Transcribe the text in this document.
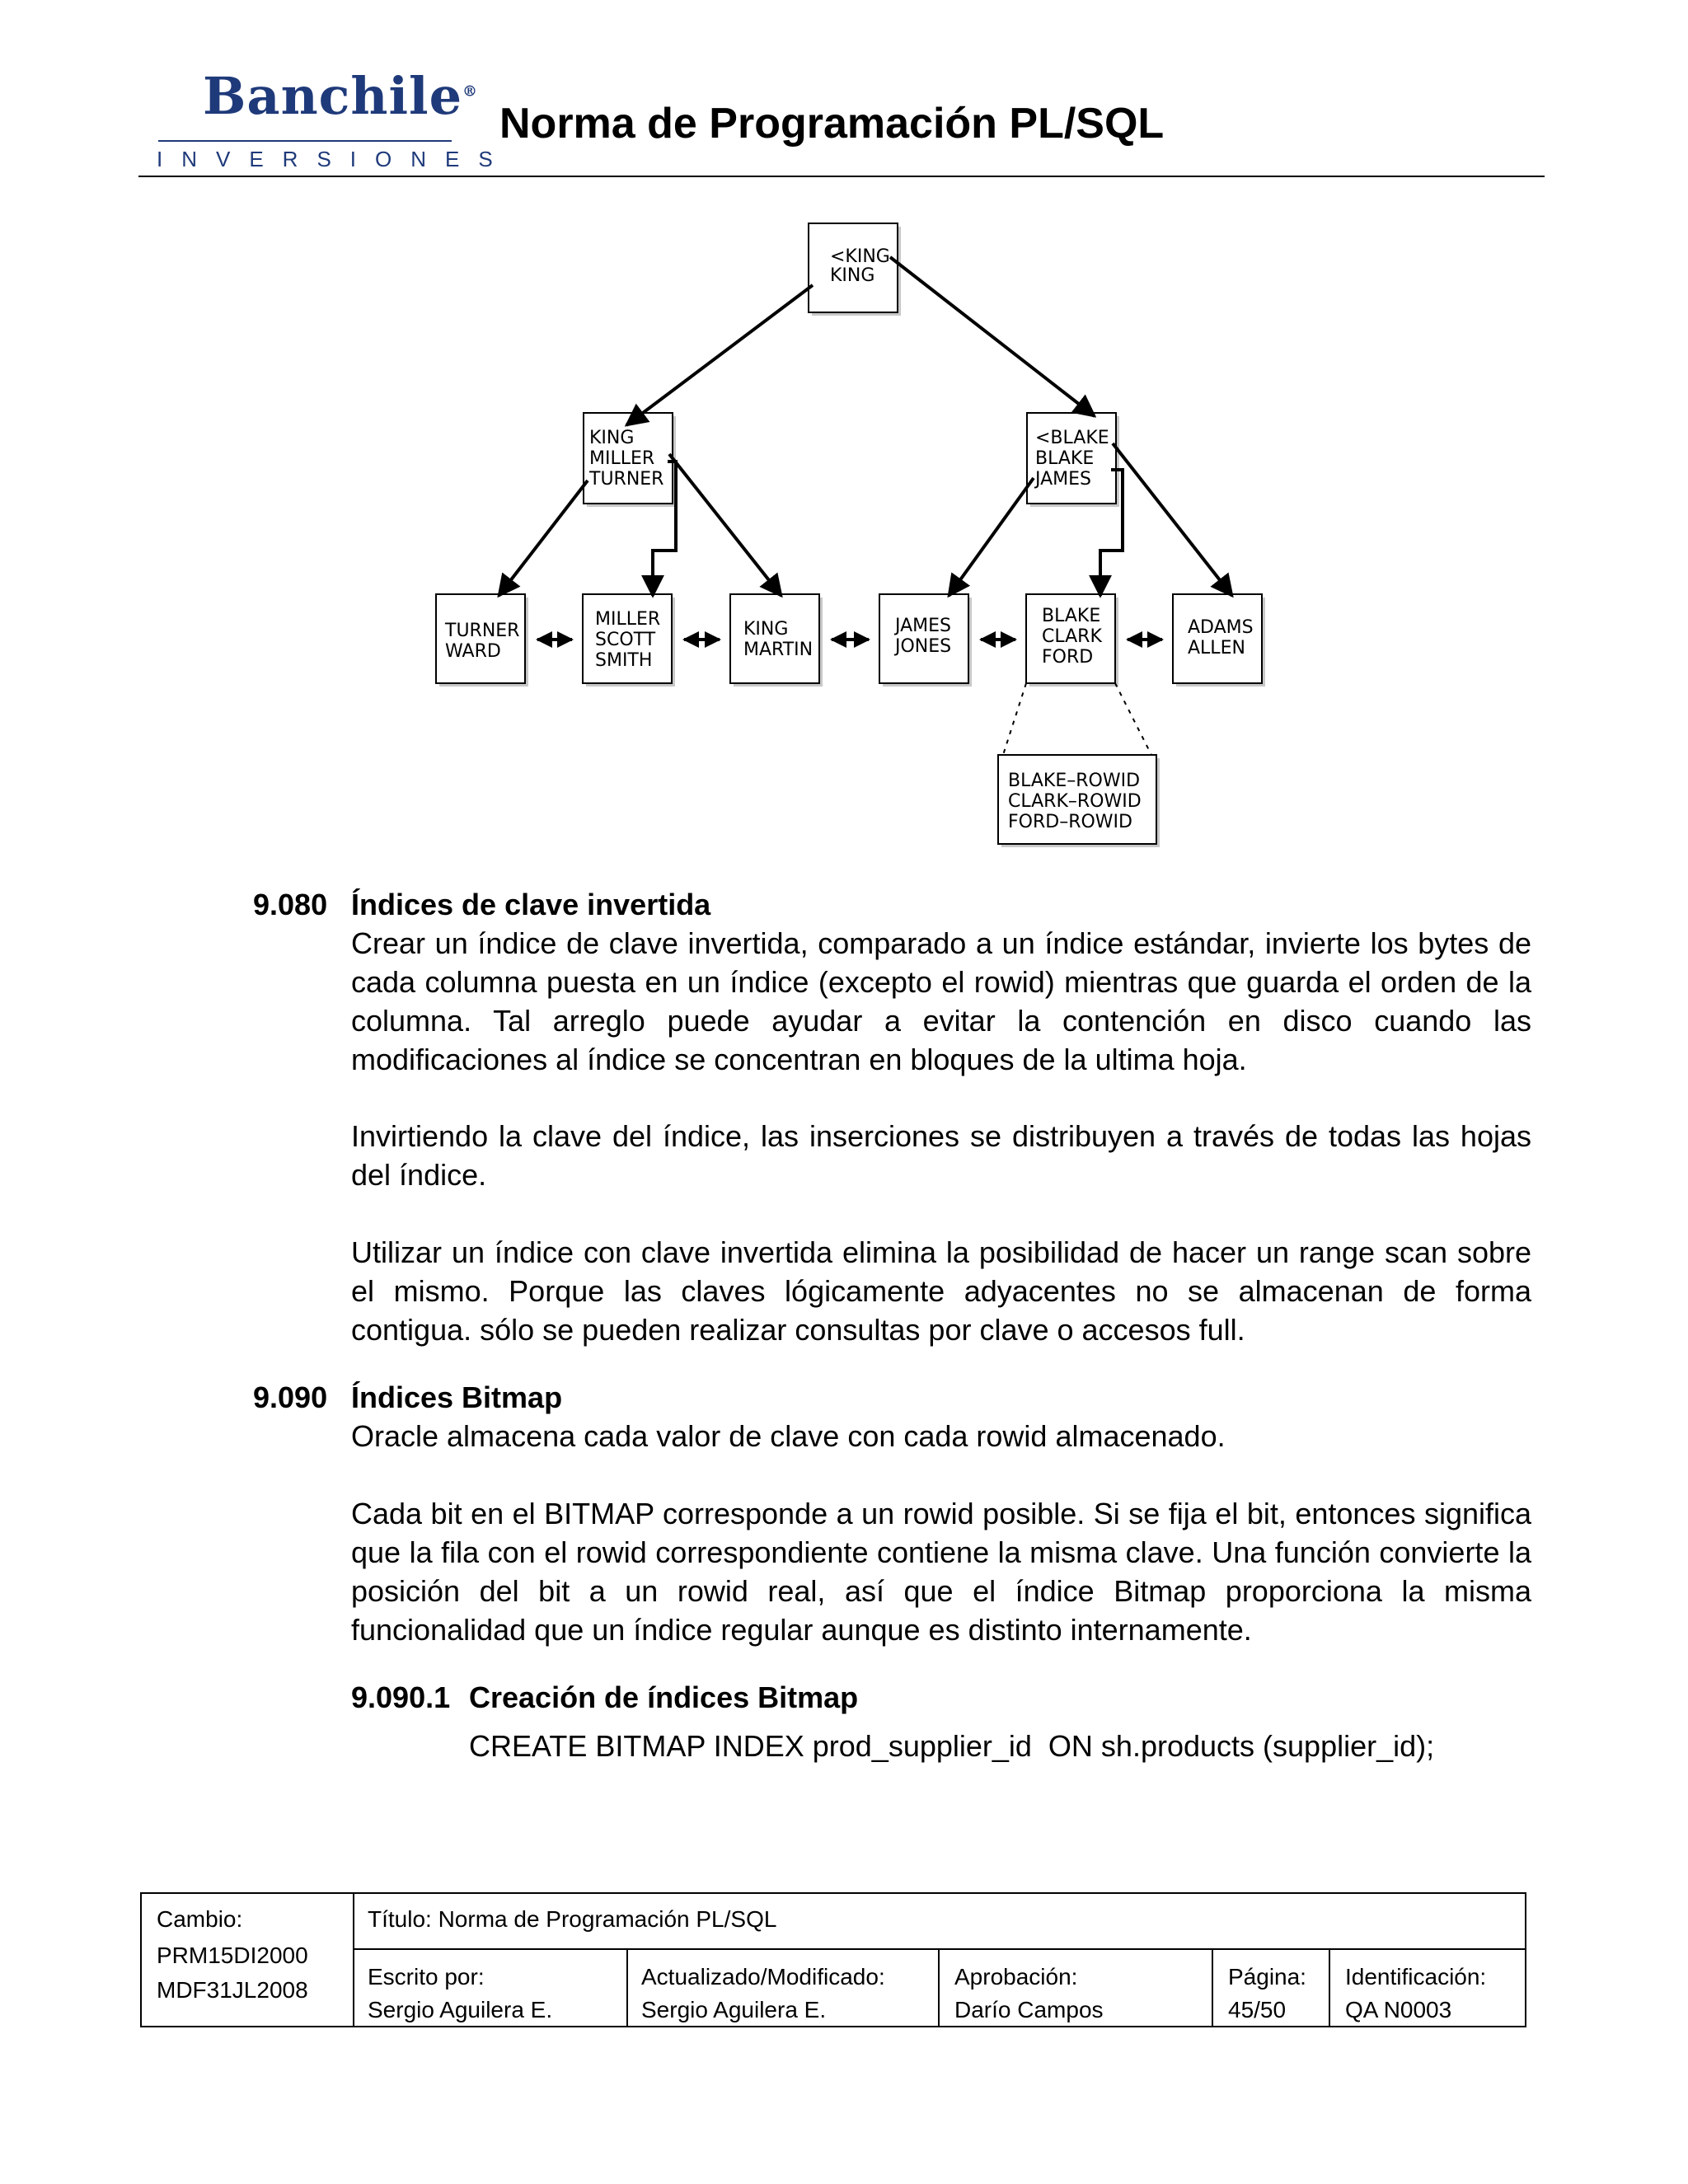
Banchile®
INVERSIONES
Norma de Programación PL/SQL
<KING
KING
KING
MILLER
TURNER
<BLAKE
BLAKE
JAMES
TURNER
WARD
MILLER
SCOTT
SMITH
KING
MARTIN
JAMES
JONES
BLAKE
CLARK
FORD
ADAMS
ALLEN
BLAKE–ROWID
CLARK–ROWID
FORD–ROWID
9.080 Índices de clave invertida
Crear un índice de clave invertida, comparado a un índice estándar, invierte los bytes de cada columna puesta en un índice (excepto el rowid) mientras que guarda el orden de la columna. Tal arreglo puede ayudar a evitar la contención en disco cuando las modificaciones al índice se concentran en bloques de la ultima hoja.
Invirtiendo la clave del índice, las inserciones se distribuyen a través de todas las hojas del índice.
Utilizar un índice con clave invertida elimina la posibilidad de hacer un range scan sobre el mismo. Porque las claves lógicamente adyacentes no se almacenan de forma contigua. sólo se pueden realizar consultas por clave o accesos full.
9.090 Índices Bitmap
Oracle almacena cada valor de clave con cada rowid almacenado.
Cada bit en el BITMAP corresponde a un rowid posible. Si se fija el bit, entonces significa que la fila con el rowid correspondiente contiene la misma clave. Una función convierte la posición del bit a un rowid real, así que el índice Bitmap proporciona la misma funcionalidad que un índice regular aunque es distinto internamente.
9.090.1 Creación de índices Bitmap
CREATE BITMAP INDEX prod_supplier_id  ON sh.products (supplier_id);
Cambio:
PRM15DI2000
MDF31JL2008
Título: Norma de Programación PL/SQL
Escrito por:
Sergio Aguilera E.
Actualizado/Modificado:
Sergio Aguilera E.
Aprobación:
Darío Campos
Página:
45/50
Identificación:
QA N0003
